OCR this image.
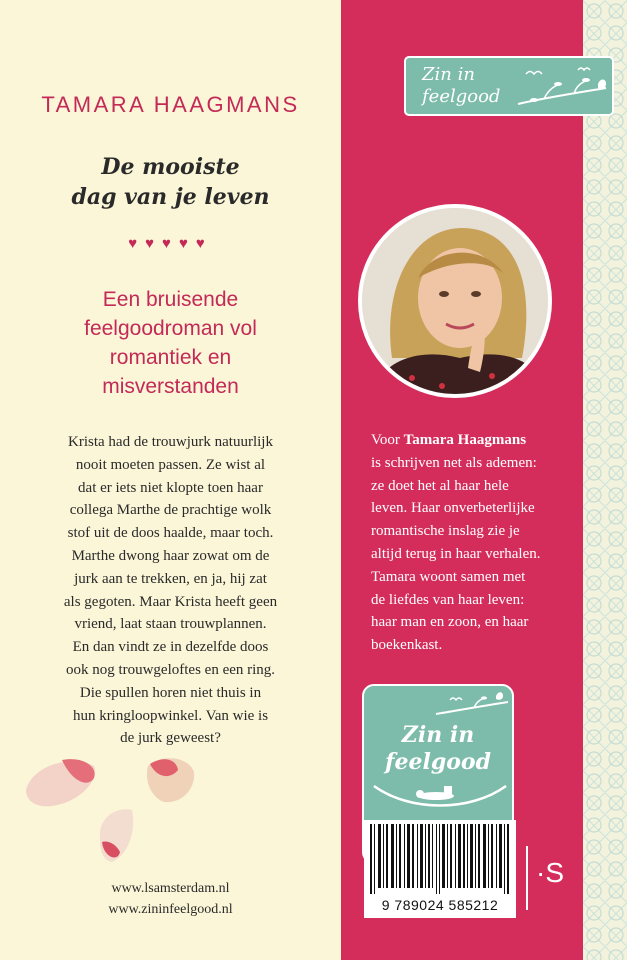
TAMARA HAAGMANS
De mooiste
dag van je leven
♥♥♥♥♥
Een bruisende
feelgoodroman vol
romantiek en
misverstanden
Krista had de trouwjurk natuurlijk
nooit moeten passen. Ze wist al
dat er iets niet klopte toen haar
collega Marthe de prachtige wolk
stof uit de doos haalde, maar toch.
Marthe dwong haar zowat om de
jurk aan te trekken, en ja, hij zat
als gegoten. Maar Krista heeft geen
vriend, laat staan trouwplannen.
En dan vindt ze in dezelfde doos
ook nog trouwgeloftes en een ring.
Die spullen horen niet thuis in
hun kringloopwinkel. Van wie is
de jurk geweest?
www.lsamsterdam.nl
www.zininfeelgood.nl
Zin in
feelgood
Voor Tamara Haagmans
is schrijven net als ademen:
ze doet het al haar hele
leven. Haar onverbeterlijke
romantische inslag zie je
altijd terug in haar verhalen.
Tamara woont samen met
de liefdes van haar leven:
haar man en zoon, en haar
boekenkast.
Zin in
feelgood
9 789024 585212
·S
